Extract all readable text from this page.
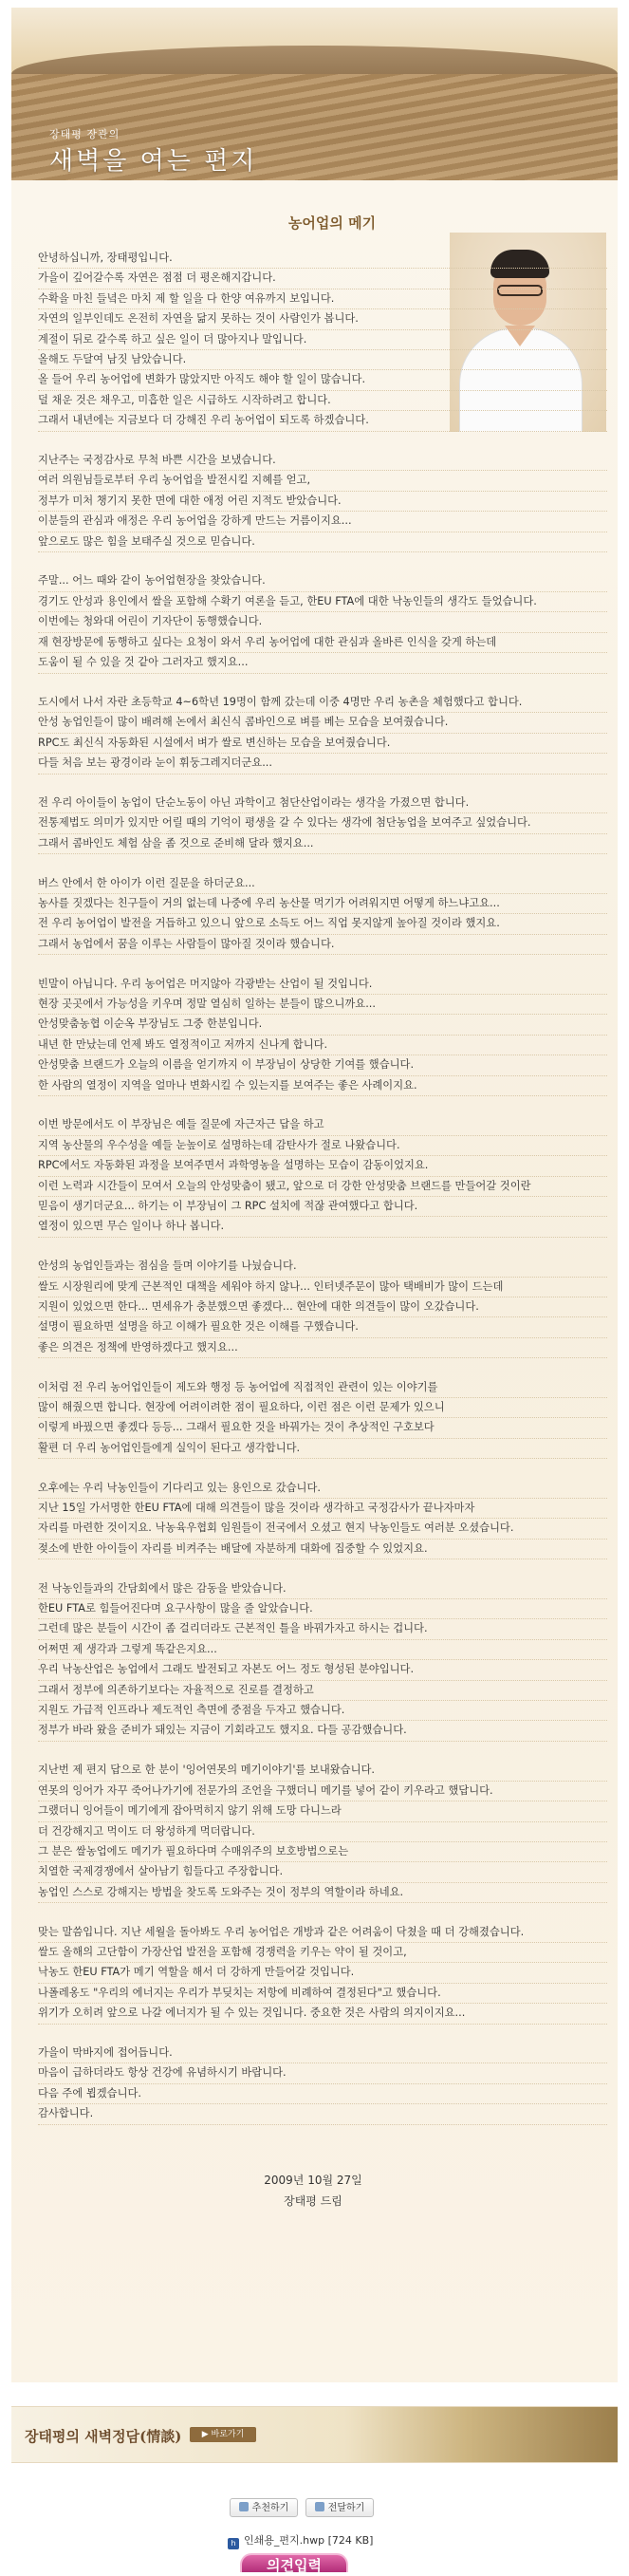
장태평 장관의
새벽을 여는 편지
농어업의 메기
안녕하십니까, 장태평입니다.
가을이 깊어갈수록 자연은 점점 더 평온해지갑니다.
수확을 마친 들녘은 마치 제 할 일을 다 한양 여유까지 보입니다.
자연의 일부인데도 온전히 자연을 닮지 못하는 것이 사람인가 봅니다.
계절이 뒤로 갈수록 하고 싶은 일이 더 많아지나 말입니다.
올해도 두달여 남짓 남았습니다.
올 들어 우리 농어업에 변화가 많았지만 아직도 해야 할 일이 많습니다.
덜 채운 것은 채우고, 미흡한 일은 시급하도 시작하려고 합니다.
그래서 내년에는 지금보다 더 강해진 우리 농어업이 되도록 하겠습니다.
지난주는 국정감사로 무척 바쁜 시간을 보냈습니다.
여러 의원님들로부터 우리 농어업을 발전시킬 지혜를 얻고,
정부가 미처 챙기지 못한 면에 대한 애정 어린 지적도 받았습니다.
이분들의 관심과 애정은 우리 농어업을 강하게 만드는 거름이지요...
앞으로도 많은 힘을 보태주실 것으로 믿습니다.
주말... 어느 때와 같이 농어업현장을 찾았습니다.
경기도 안성과 용인에서 쌀을 포함해 수확기 여론을 듣고, 한EU FTA에 대한 낙농인들의 생각도 들었습니다.
이번에는 청와대 어린이 기자단이 동행했습니다.
재 현장방문에 동행하고 싶다는 요청이 와서 우리 농어업에 대한 관심과 올바른 인식을 갖게 하는데
도움이 될 수 있을 것 같아 그러자고 했지요...
도시에서 나서 자란 초등학교 4~6학년 19명이 함께 갔는데 이중 4명만 우리 농촌을 체험했다고 합니다.
안성 농업인들이 많이 배려해 논에서 최신식 콤바인으로 벼를 베는 모습을 보여줬습니다.
RPC도 최신식 자동화된 시설에서 벼가 쌀로 변신하는 모습을 보여줬습니다.
다들 처음 보는 광경이라 눈이 휘둥그레지더군요...
전 우리 아이들이 농업이 단순노동이 아닌 과학이고 첨단산업이라는 생각을 가졌으면 합니다.
전통제법도 의미가 있지만 어릴 때의 기억이 평생을 갈 수 있다는 생각에 첨단농업을 보여주고 싶었습니다.
그래서 콤바인도 체험 삼을 좀 것으로 준비해 달라 했지요...
버스 안에서 한 아이가 이런 질문을 하더군요...
농사를 짓겠다는 친구들이 거의 없는데 나중에 우리 농산물 먹기가 어려워지면 어떻게 하느냐고요...
전 우리 농어업이 발전을 거듭하고 있으니 앞으로 소득도 어느 직업 못지않게 높아질 것이라 했지요.
그래서 농업에서 꿈을 이루는 사람들이 많아질 것이라 했습니다.
빈말이 아닙니다. 우리 농어업은 머지않아 각광받는 산업이 될 것입니다.
현장 곳곳에서 가능성을 키우며 정말 열심히 일하는 분들이 많으니까요...
안성맞춤농협 이순옥 부장님도 그중 한분입니다.
내년 한 만났는데 언제 봐도 열정적이고 저까지 신나게 합니다.
안성맞춤 브랜드가 오늘의 이름을 얻기까지 이 부장님이 상당한 기여를 했습니다.
한 사람의 열정이 지역을 얼마나 변화시킬 수 있는지를 보여주는 좋은 사례이지요.
이번 방문에서도 이 부장님은 예들 질문에 자근자근 답을 하고
지역 농산물의 우수성을 예들 눈높이로 설명하는데 감탄사가 절로 나왔습니다.
RPC에서도 자동화된 과정을 보여주면서 과학영농을 설명하는 모습이 감동이었지요.
이런 노력과 시간들이 모여서 오늘의 안성맞춤이 됐고, 앞으로 더 강한 안성맞춤 브랜드를 만들어갈 것이란
믿음이 생기더군요... 하기는 이 부장님이 그 RPC 설치에 적잖 관여했다고 합니다.
열정이 있으면 무슨 일이나 하나 봅니다.
안성의 농업인들과는 점심을 들며 이야기를 나눴습니다.
쌀도 시장원리에 맞게 근본적인 대책을 세워야 하지 않나... 인터넷주문이 많아 택배비가 많이 드는데
지원이 있었으면 한다... 면세유가 충분했으면 좋겠다... 현안에 대한 의견들이 많이 오갔습니다.
설명이 필요하면 설명을 하고 이해가 필요한 것은 이해를 구했습니다.
좋은 의견은 정책에 반영하겠다고 했지요...
이처럼 전 우리 농어업인들이 제도와 행정 등 농어업에 직접적인 관련이 있는 이야기를
많이 해줬으면 합니다. 현장에 어려이려한 점이 필요하다, 이런 점은 이런 문제가 있으니
이렇게 바꿨으면 좋겠다 등등... 그래서 필요한 것을 바꿔가는 것이 추상적인 구호보다
활편 더 우리 농어업인들에게 실익이 된다고 생각합니다.
오후에는 우리 낙농인들이 기다리고 있는 용인으로 갔습니다.
지난 15일 가서명한 한EU FTA에 대해 의견들이 많을 것이라 생각하고 국정감사가 끝나자마자
자리를 마련한 것이지요. 낙농육우협회 임원들이 전국에서 오셨고 현지 낙농인들도 여러분 오셨습니다.
젖소에 반한 아이들이 자리를 비켜주는 배달에 자분하게 대화에 집중할 수 있었지요.
전 낙농인들과의 간담회에서 많은 감동을 받았습니다.
한EU FTA로 힘들어진다며 요구사항이 많을 줄 알았습니다.
그런데 많은 분들이 시간이 좀 걸리더라도 근본적인 틀을 바꿔가자고 하시는 겁니다.
어쩌면 제 생각과 그렇게 똑같은지요...
우리 낙농산업은 농업에서 그래도 발전되고 자본도 어느 정도 형성된 분야입니다.
그래서 정부에 의존하기보다는 자율적으로 진로를 결정하고
지원도 가급적 인프라나 제도적인 측면에 중점을 두자고 했습니다.
정부가 바라 왔을 준비가 돼있는 지금이 기회라고도 했지요. 다들 공감했습니다.
지난번 제 편지 답으로 한 분이 '잉어연못의 메기이야기'를 보내왔습니다.
연못의 잉어가 자꾸 죽어나가기에 전문가의 조언을 구했더니 메기를 넣어 같이 키우라고 했답니다.
그랬더니 잉어들이 메기에게 잡아먹히지 않기 위해 도망 다니느라
더 건강해지고 먹이도 더 왕성하게 먹더랍니다.
그 분은 쌀농업에도 메기가 필요하다며 수매위주의 보호방법으로는
치열한 국제경쟁에서 살아남기 힘들다고 주장합니다.
농업인 스스로 강해지는 방법을 찾도록 도와주는 것이 정부의 역할이라 하네요.
맞는 말씀입니다. 지난 세월을 돌아봐도 우리 농어업은 개방과 같은 어려움이 닥쳤을 때 더 강해졌습니다.
쌀도 올해의 고단함이 가장산업 발전을 포함해 경쟁력을 키우는 약이 될 것이고,
낙농도 한EU FTA가 메기 역할을 해서 더 강하게 만들어갈 것입니다.
나폴레옹도 "우리의 에너지는 우리가 부딪치는 저항에 비례하여 결정된다"고 했습니다.
위기가 오히려 앞으로 나갈 에너지가 될 수 있는 것입니다. 중요한 것은 사람의 의지이지요...
가을이 막바지에 접어듭니다.
마음이 급하더라도 항상 건강에 유념하시기 바랍니다.
다음 주에 뵙겠습니다.
감사합니다.
2009년 10월 27일
장태평 드림
장태평의 새벽정담(情談)	▶ 바로가기
추천하기	전달하기
h 인쇄용_편지.hwp [724 KB]
의견입력
